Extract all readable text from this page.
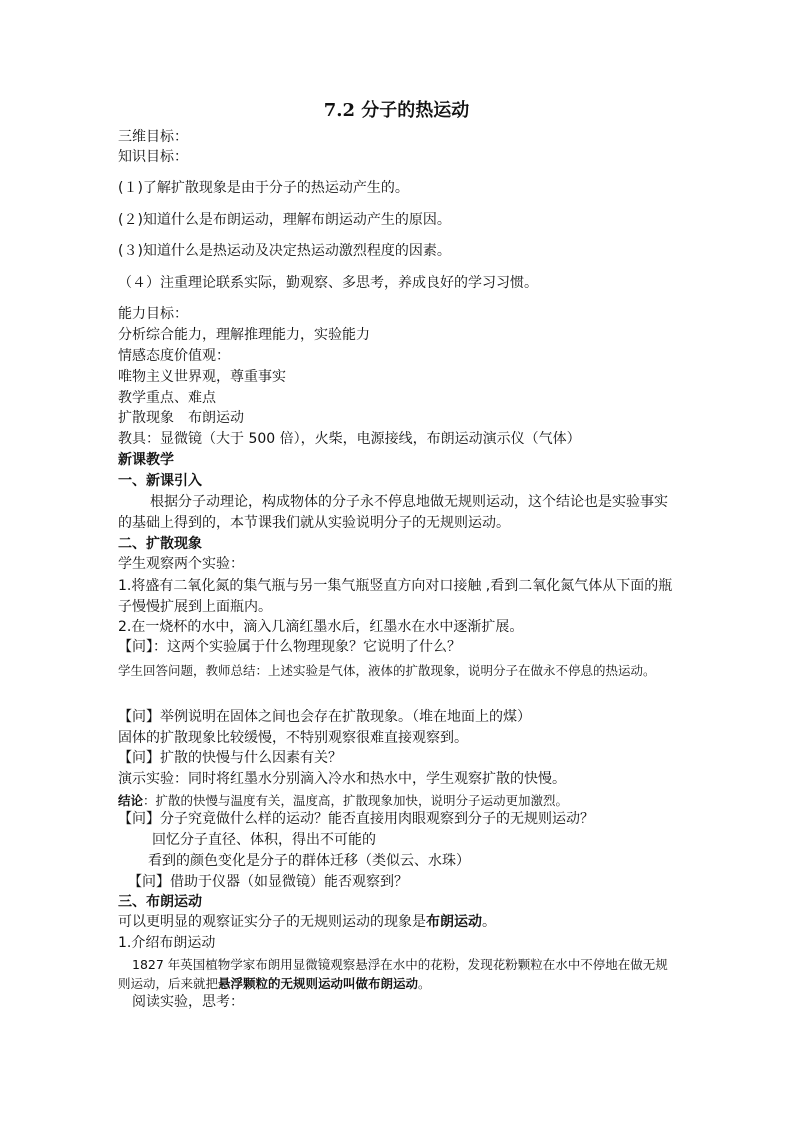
7.2 分子的热运动
三维目标：
知识目标：
(１)了解扩散现象是由于分子的热运动产生的。
(２)知道什么是布朗运动，理解布朗运动产生的原因。
(３)知道什么是热运动及决定热运动激烈程度的因素。
（４）注重理论联系实际，勤观察、多思考，养成良好的学习习惯。
能力目标：
分析综合能力，理解推理能力，实验能力
情感态度价值观：
唯物主义世界观，尊重事实
教学重点、难点
扩散现象　布朗运动
教具：显微镜（大于 500 倍），火柴，电源接线，布朗运动演示仪（气体）
新课教学
一、新课引入
根据分子动理论，构成物体的分子永不停息地做无规则运动，这个结论也是实验事实的基础上得到的，本节课我们就从实验说明分子的无规则运动。
二、扩散现象
学生观察两个实验：
1.将盛有二氧化氮的集气瓶与另一集气瓶竖直方向对口接触 ,看到二氧化氮气体从下面的瓶子慢慢扩展到上面瓶内。
2.在一烧杯的水中，滴入几滴红墨水后，红墨水在水中逐渐扩展。
【问】：这两个实验属于什么物理现象？它说明了什么？
学生回答问题，教师总结：上述实验是气体，液体的扩散现象，说明分子在做永不停息的热运动。
【问】举例说明在固体之间也会存在扩散现象。（堆在地面上的煤）
固体的扩散现象比较缓慢，不特别观察很难直接观察到。
【问】扩散的快慢与什么因素有关？
演示实验：同时将红墨水分别滴入冷水和热水中，学生观察扩散的快慢。
结论：扩散的快慢与温度有关，温度高，扩散现象加快，说明分子运动更加激烈。
【问】分子究竟做什么样的运动？能否直接用肉眼观察到分子的无规则运动？
回忆分子直径、体积，得出不可能的
看到的颜色变化是分子的群体迁移（类似云、水珠）
【问】借助于仪器（如显微镜）能否观察到？
三、布朗运动
可以更明显的观察证实分子的无规则运动的现象是布朗运动。
1.介绍布朗运动
1827 年英国植物学家布朗用显微镜观察悬浮在水中的花粉，发现花粉颗粒在水中不停地在做无规则运动，后来就把悬浮颗粒的无规则运动叫做布朗运动。
阅读实验，思考：
